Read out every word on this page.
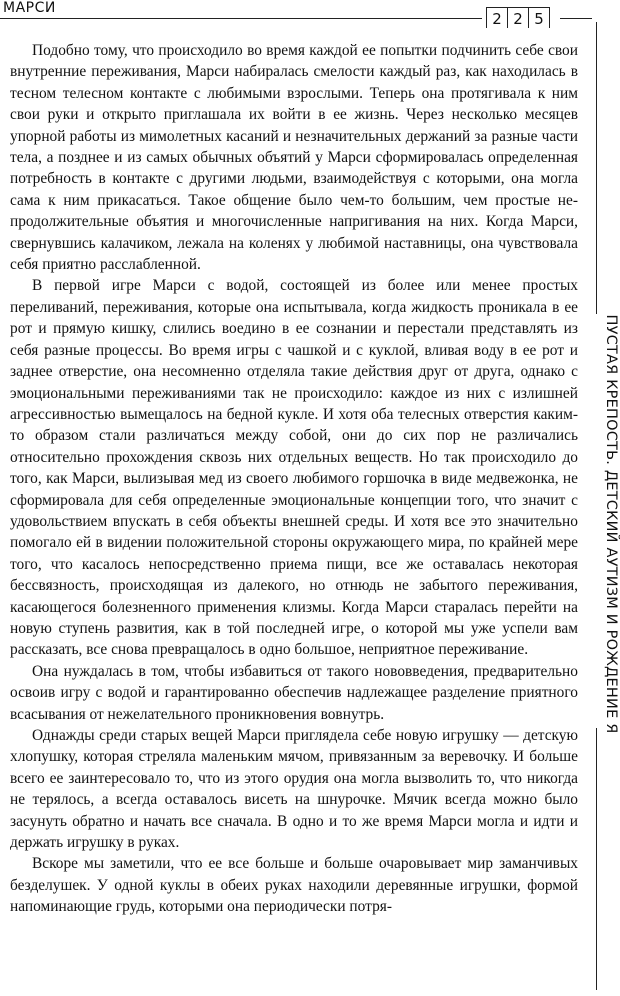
МАРСИ
2 2 5
ПУСТАЯ КРЕПОСТЬ. ДЕТСКИЙ АУТИЗМ И РОЖДЕНИЕ Я

Подобно тому, что происходило во время каждой ее попытки подчинить себе свои внутренние переживания, Марси набиралась смелости каждый раз, как находилась в тесном телесном контакте с любимыми взрослыми. Теперь она протягивала к ним свои руки и открыто приглашала их войти в ее жизнь. Через несколько месяцев упорной работы из мимолетных касаний и незначительных держаний за разные части тела, а позднее и из самых обычных объятий у Марси сформировалась определенная потребность в контакте с другими людьми, взаимодействуя с которыми, она могла сама к ним прикасаться. Такое общение было чем-то большим, чем простые непродолжительные объятия и многочисленные напригивания на них. Когда Марси, свернувшись калачиком, лежала на коленях у любимой наставницы, она чувствовала себя приятно расслабленной.

В первой игре Марси с водой, состоящей из более или менее простых переливаний, переживания, которые она испытывала, когда жидкость проникала в ее рот и прямую кишку, слились воедино в ее сознании и перестали представлять из себя разные процессы. Во время игры с чашкой и с куклой, вливая воду в ее рот и заднее отверстие, она несомненно отделяла такие действия друг от друга, однако с эмоциональными переживаниями так не происходило: каждое из них с излишней агрессивностью вымещалось на бедной кукле. И хотя оба телесных отверстия каким-то образом стали различаться между собой, они до сих пор не различались относительно прохождения сквозь них отдельных веществ. Но так происходило до того, как Марси, вылизывая мед из своего любимого горшочка в виде медвежонка, не сформировала для себя определенные эмоциональные концепции того, что значит с удовольствием впускать в себя объекты внешней среды. И хотя все это значительно помогало ей в видении положительной стороны окружающего мира, по крайней мере того, что касалось непосредственно приема пищи, все же оставалась некоторая бессвязность, происходящая из далекого, но отнюдь не забытого переживания, касающегося болезненного применения клизмы. Когда Марси старалась перейти на новую ступень развития, как в той последней игре, о которой мы уже успели вам рассказать, все снова превращалось в одно большое, неприятное переживание.

Она нуждалась в том, чтобы избавиться от такого нововведения, предварительно освоив игру с водой и гарантированно обеспечив надлежащее разделение приятного всасывания от нежелательного проникновения вовнутрь.

Однажды среди старых вещей Марси приглядела себе новую игрушку — детскую хлопушку, которая стреляла маленьким мячом, привязанным за веревочку. И больше всего ее заинтересовало то, что из этого орудия она могла вызволить то, что никогда не терялось, а всегда оставалось висеть на шнурочке. Мячик всегда можно было засунуть обратно и начать все сначала. В одно и то же время Марси могла и идти и держать игрушку в руках.

Вскоре мы заметили, что ее все больше и больше очаровывает мир заманчивых безделушек. У одной куклы в обеих руках находили деревянные игрушки, формой напоминающие грудь, которыми она периодически потря-
